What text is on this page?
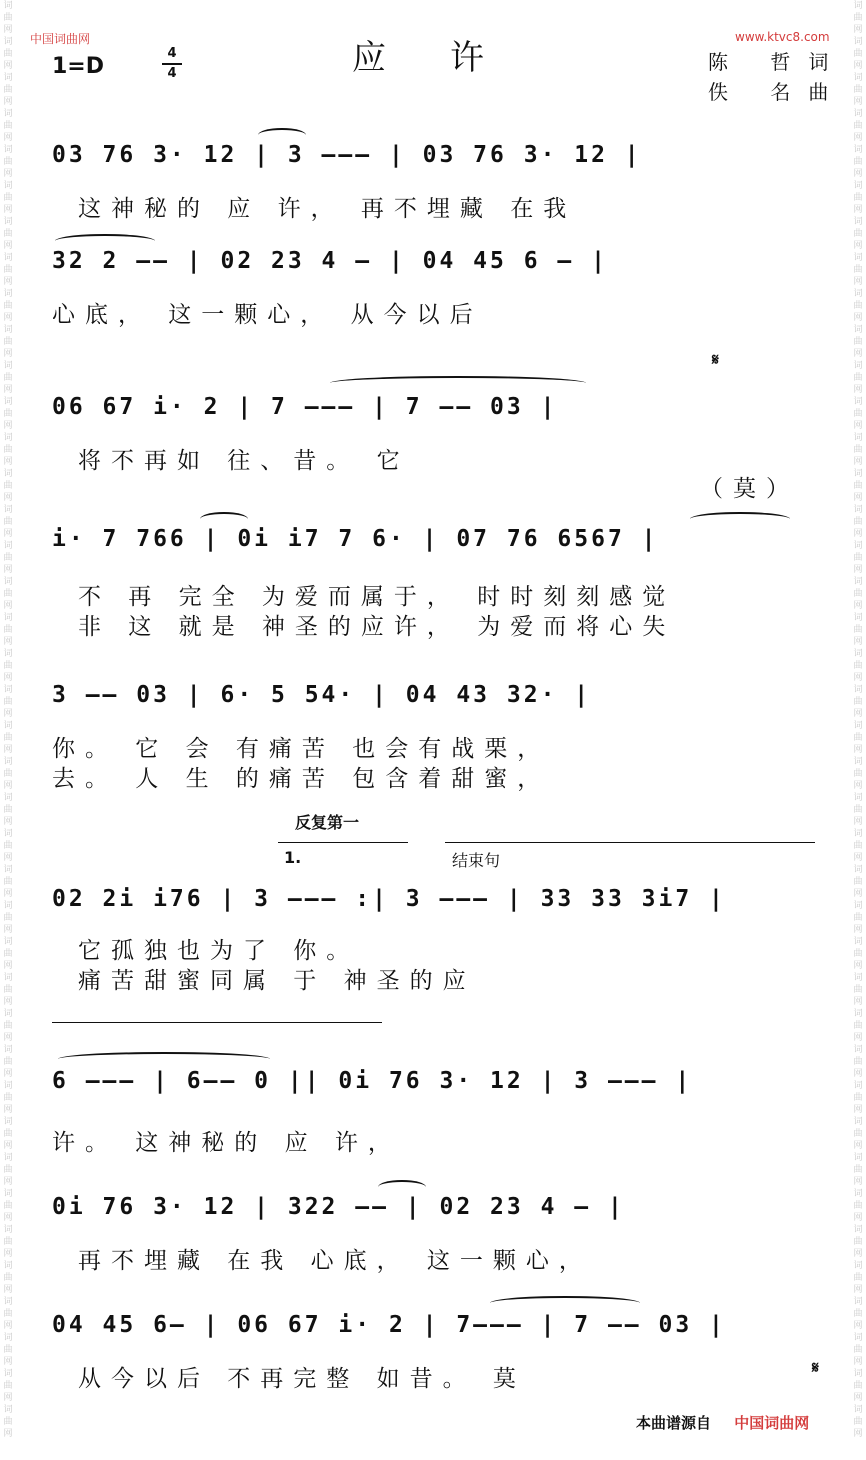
词
曲
网
词
曲
网
词
曲
网
词
曲
网
词
曲
网
词
曲
网
词
曲
网
词
曲
网
词
曲
网
词
曲
网
词
曲
网
词
曲
网
词
曲
网
词
曲
网
词
曲
网
词
曲
网
词
曲
网
词
曲
网
词
曲
网
词
曲
网
词
曲
网
词
曲
网
词
曲
网
词
曲
网
词
曲
网
词
曲
网
词
曲
网
词
曲
网
词
曲
网
词
曲
网
词
曲
网
词
曲
网
词
曲
网
词
曲
网
词
曲
网
词
曲
网
词
曲
网
词
曲
网
词
曲
网
词
曲
网
词
曲
网
词
曲
网
词
曲
网
词
曲
网
词
曲
网
词
曲
网
词
曲
网
词
曲
网
词
曲
网
词
曲
网
词
曲
网
词
曲
网
词
曲
网
词
曲
网
词
曲
网
词
曲
网
词
曲
网
词
曲
网
词
曲
网
词
曲
网
词
曲
网
词
曲
网
词
曲
网
词
曲
网
词
曲
网
词
曲
网
词
曲
网
词
曲
网
词
曲
网
词
曲
网
词
曲
网
词
曲
网
词
曲
网
词
曲
网
词
曲
网
词
曲
网
词
曲
网
词
曲
网
词
曲
网
词
曲
网
中国词曲网	www.ktvc8.com
应许
1=D
4
4	陈 哲词
佚 名曲
03 76 3· 12 | 3 ——— | 03 76 3· 12 |
这神秘的 应 许， 再不埋藏 在我
32 2 —— | 02 23 4 — | 04 45 6 — |
心底， 这一颗心， 从今以后
𝄋
06 67 i· 2 | 7 ——— | 7 —— 03 |
将不再如 往、昔。 它
（莫）
i· 7 766 | 0i i7 7 6· | 07 76 6567 |
不 再 完全 为爱而属于， 时时刻刻感觉
非 这 就是 神圣的应许， 为爱而将心失
3 —— 03 | 6· 5 54· | 04 43 32· |
你。 它 会 有痛苦 也会有战栗，
去。 人 生 的痛苦 包含着甜蜜，
反复第一
1.	结束句
02 2i i76 | 3 ——— :| 3 ——— | 33 33 3i7 |
它孤独也为了 你。
痛苦甜蜜同属 于 神圣的应
6 ——— | 6—— 0 || 0i 76 3· 12 | 3 ——— |
许。 这神秘的 应 许，
0i 76 3· 12 | 322 —— | 02 23 4 — |
再不埋藏 在我 心底， 这一颗心，
04 45 6— | 06 67 i· 2 | 7——— | 7 —— 03 |
从今以后 不再完整 如昔。 莫	𝄋
本曲谱源自 中国词曲网
